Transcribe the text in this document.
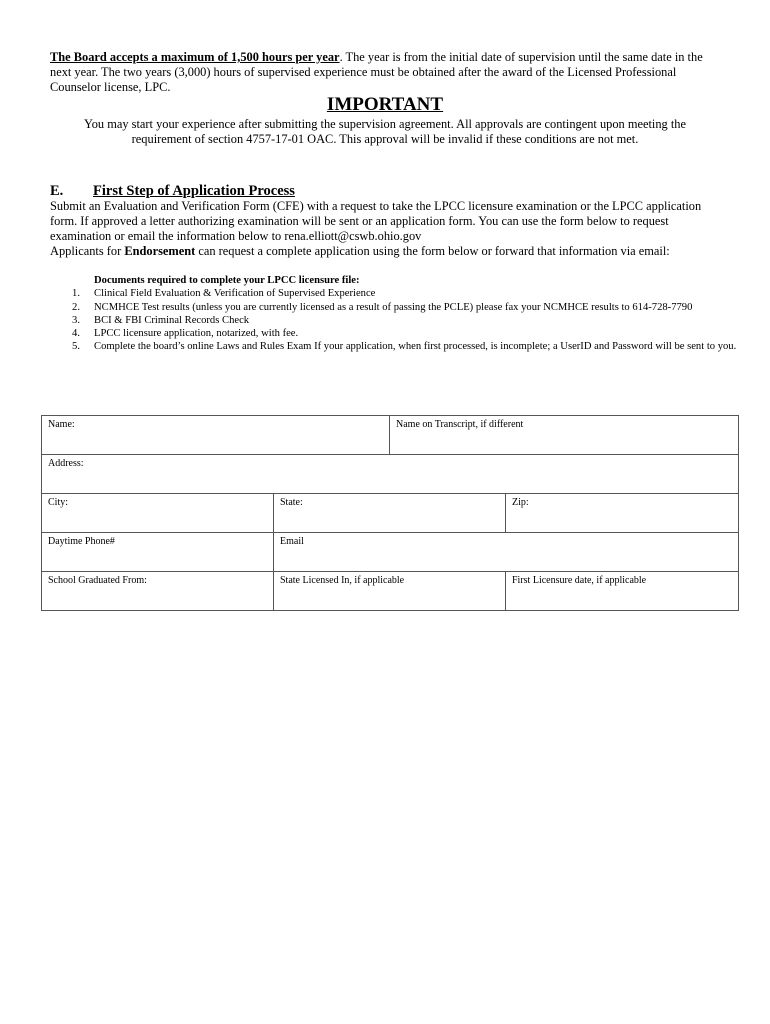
The Board accepts a maximum of 1,500 hours per year. The year is from the initial date of supervision until the same date in the next year. The two years (3,000) hours of supervised experience must be obtained after the award of the Licensed Professional Counselor license, LPC.

IMPORTANT

You may start your experience after submitting the supervision agreement. All approvals are contingent upon meeting the requirement of section 4757-17-01 OAC. This approval will be invalid if these conditions are not met.

E. First Step of Application Process

Submit an Evaluation and Verification Form (CFE) with a request to take the LPCC licensure examination or the LPCC application form. If approved a letter authorizing examination will be sent or an application form. You can use the form below to request examination or email the information below to rena.elliott@cswb.ohio.gov

Applicants for Endorsement can request a complete application using the form below or forward that information via email:

Documents required to complete your LPCC licensure file:
1.	Clinical Field Evaluation & Verification of Supervised Experience
2.	NCMHCE Test results (unless you are currently licensed as a result of passing the PCLE) please fax your NCMHCE results to 614-728-7790
3.	BCI & FBI Criminal Records Check
4.	LPCC licensure application, notarized, with fee.
5.	Complete the board’s online Laws and Rules Exam If your application, when first processed, is incomplete; a UserID and Password will be sent to you.
Name:		Name on Transcript, if different	
Address:			
City:	State:		Zip:
Daytime Phone#	Email		
School Graduated From:	State Licensed In, if applicable		First Licensure date, if applicable
